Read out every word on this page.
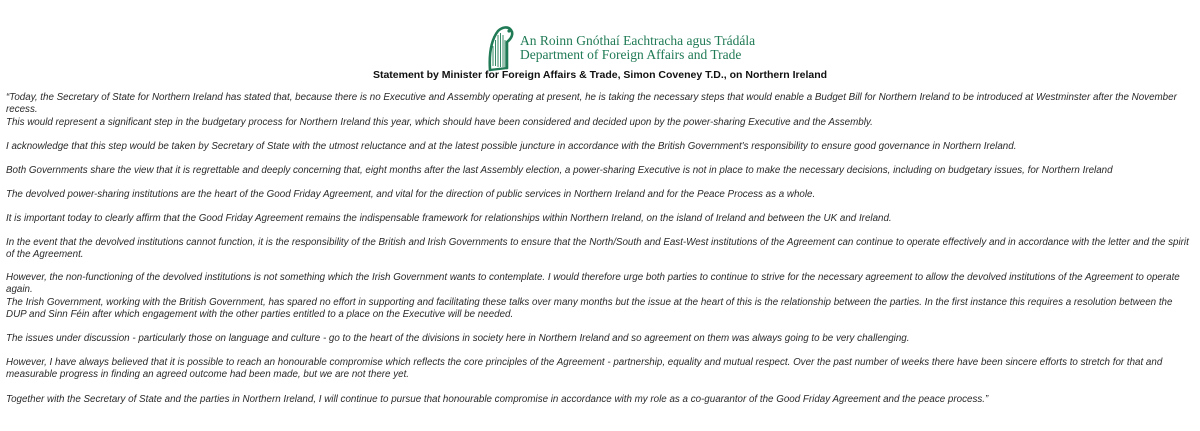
An Roinn Gnóthaí Eachtracha agus Trádála
Department of Foreign Affairs and Trade
Statement by Minister for Foreign Affairs & Trade, Simon Coveney T.D., on Northern Ireland

“Today, the Secretary of State for Northern Ireland has stated that, because there is no Executive and Assembly operating at present, he is taking the necessary steps that would enable a Budget Bill for Northern Ireland to be introduced at Westminster after the November recess.

This would represent a significant step in the budgetary process for Northern Ireland this year, which should have been considered and decided upon by the power-sharing Executive and the Assembly.

I acknowledge that this step would be taken by Secretary of State with the utmost reluctance and at the latest possible juncture in accordance with the British Government's responsibility to ensure good governance in Northern Ireland.

Both Governments share the view that it is regrettable and deeply concerning that, eight months after the last Assembly election, a power-sharing Executive is not in place to make the necessary decisions, including on budgetary issues, for Northern Ireland

The devolved power-sharing institutions are the heart of the Good Friday Agreement, and vital for the direction of public services in Northern Ireland and for the Peace Process as a whole.

It is important today to clearly affirm that the Good Friday Agreement remains the indispensable framework for relationships within Northern Ireland, on the island of Ireland and between the UK and Ireland.

In the event that the devolved institutions cannot function, it is the responsibility of the British and Irish Governments to ensure that the North/South and East-West institutions of the Agreement can continue to operate effectively and in accordance with the letter and the spirit of the Agreement.

However, the non-functioning of the devolved institutions is not something which the Irish Government wants to contemplate. I would therefore urge both parties to continue to strive for the necessary agreement to allow the devolved institutions of the Agreement to operate again.

The Irish Government, working with the British Government, has spared no effort in supporting and facilitating these talks over many months but the issue at the heart of this is the relationship between the parties. In the first instance this requires a resolution between the DUP and Sinn Féin after which engagement with the other parties entitled to a place on the Executive will be needed.

The issues under discussion - particularly those on language and culture - go to the heart of the divisions in society here in Northern Ireland and so agreement on them was always going to be very challenging.

However, I have always believed that it is possible to reach an honourable compromise which reflects the core principles of the Agreement - partnership, equality and mutual respect. Over the past number of weeks there have been sincere efforts to stretch for that and measurable progress in finding an agreed outcome had been made, but we are not there yet.

Together with the Secretary of State and the parties in Northern Ireland, I will continue to pursue that honourable compromise in accordance with my role as a co-guarantor of the Good Friday Agreement and the peace process.”
